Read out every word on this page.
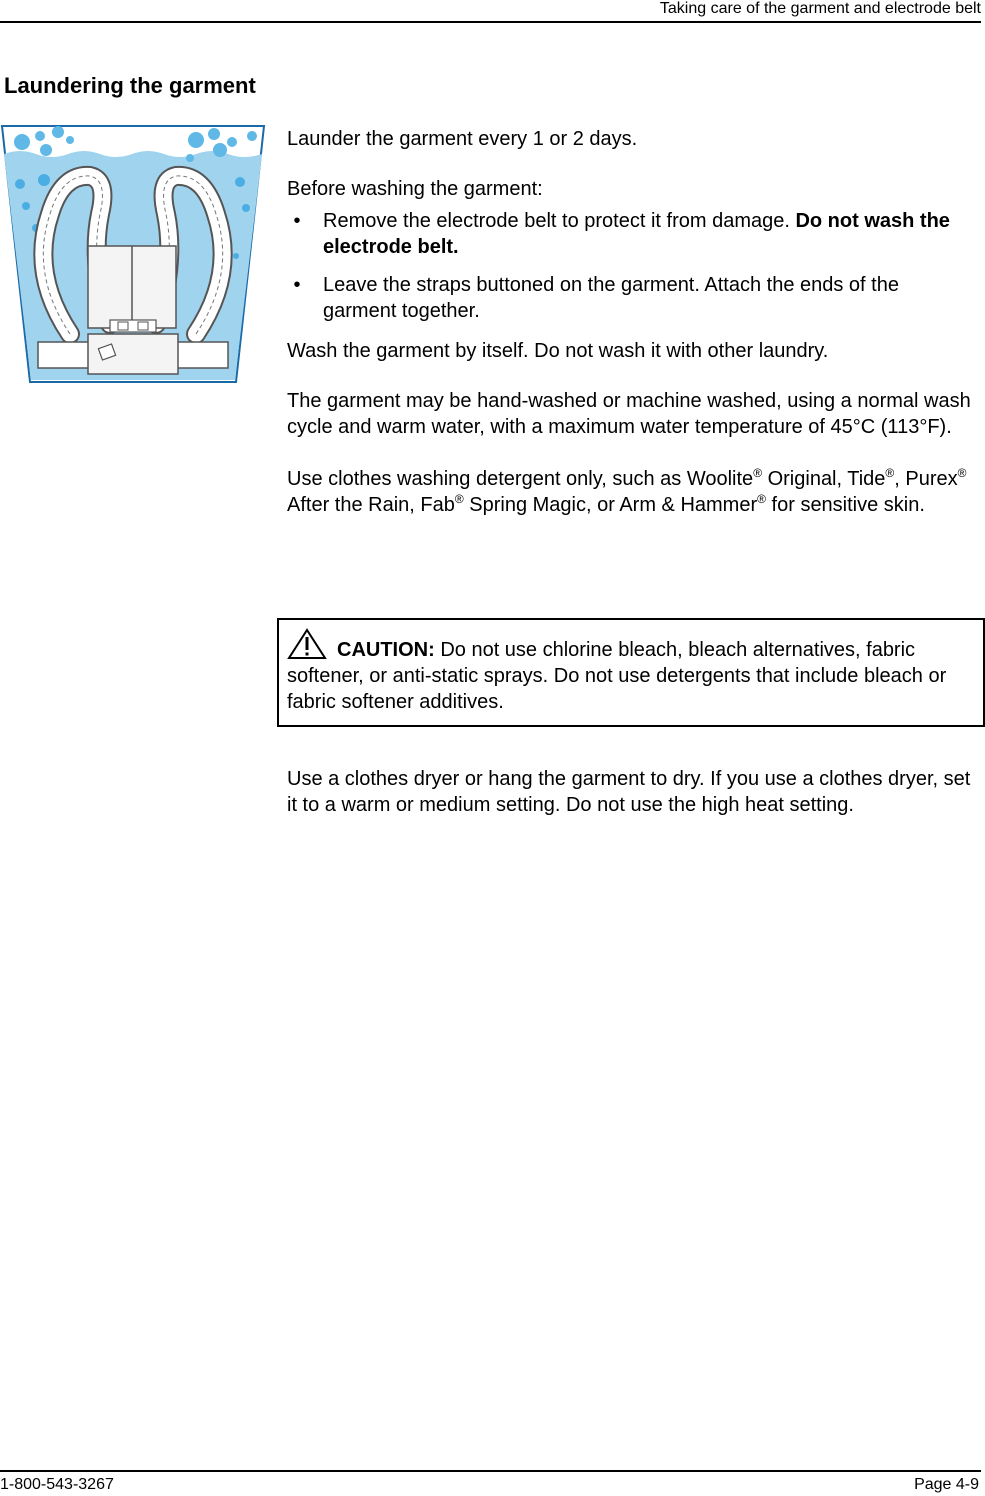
Taking care of the garment and electrode belt
Laundering the garment

Launder the garment every 1 or 2 days.

Before washing the garment:

•	Remove the electrode belt to protect it from damage. Do not wash the electrode belt.
•	Leave the straps buttoned on the garment. Attach the ends of the garment together.

Wash the garment by itself. Do not wash it with other laundry.

The garment may be hand-washed or machine washed, using a normal wash cycle and warm water, with a maximum water temperature of 45°C (113°F).

Use clothes washing detergent only, such as Woolite® Original, Tide®, Purex® After the Rain, Fab® Spring Magic, or Arm & Hammer® for sensitive skin.

CAUTION: Do not use chlorine bleach, bleach alternatives, fabric softener, or anti-static sprays. Do not use detergents that include bleach or fabric softener additives.

Use a clothes dryer or hang the garment to dry. If you use a clothes dryer, set it to a warm or medium setting. Do not use the high heat setting.

1-800-543-3267	Page 4-9
